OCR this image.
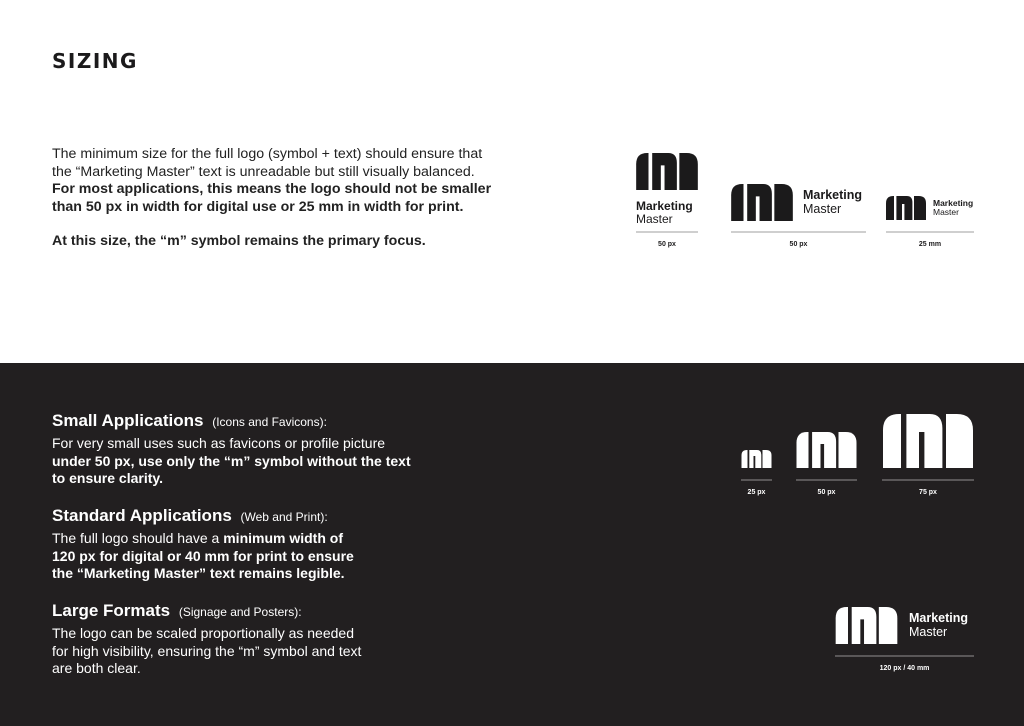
SIZING
The minimum size for the full logo (symbol + text) should ensure that
the “Marketing Master” text is unreadable but still visually balanced.
For most applications, this means the logo should not be smaller
than 50 px in width for digital use or 25 mm in width for print.
At this size, the “m” symbol remains the primary focus.
Marketing
Master
50 px
Marketing
Master
50 px
Marketing
Master
25 mm
Small Applications (Icons and Favicons):

For very small uses such as favicons or profile picture
under 50 px, use only the “m” symbol without the text
to ensure clarity.

Standard Applications (Web and Print):

The full logo should have a minimum width of
120 px for digital or 40 mm for print to ensure
the “Marketing Master” text remains legible.

Large Formats (Signage and Posters):

The logo can be scaled proportionally as needed
for high visibility, ensuring the “m” symbol and text
are both clear.

25 px	50 px	75 px
Marketing
Master
120 px / 40 mm
